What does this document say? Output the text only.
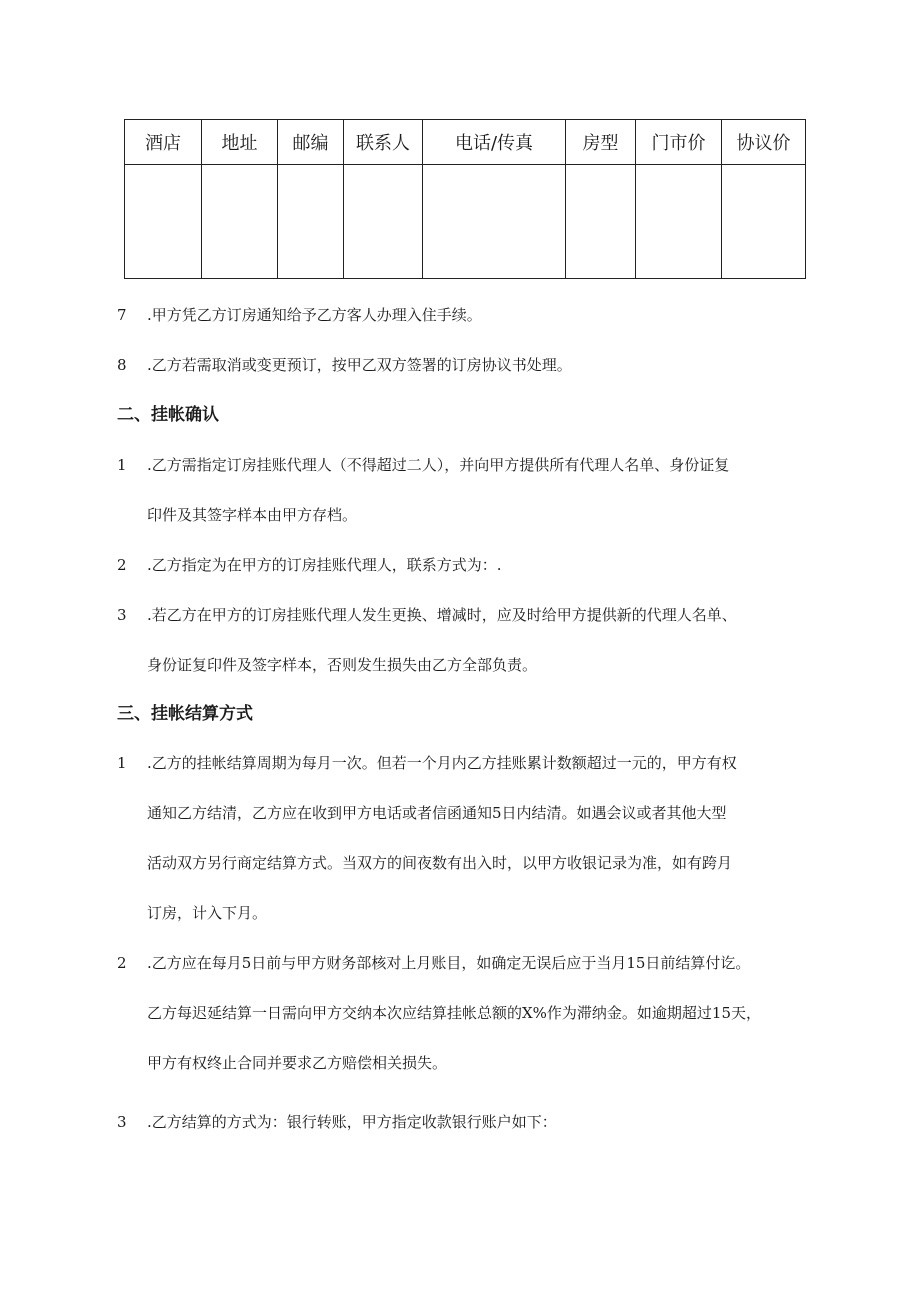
酒店	地址	邮编	联系人	电话/传真	房型	门市价	协议价

7 .甲方凭乙方订房通知给予乙方客人办理入住手续。
8 .乙方若需取消或变更预订，按甲乙双方签署的订房协议书处理。
二、挂帐确认
1 .乙方需指定订房挂账代理人（不得超过二人），并向甲方提供所有代理人名单、身份证复
印件及其签字样本由甲方存档。
2 .乙方指定为在甲方的订房挂账代理人，联系方式为：.
3 .若乙方在甲方的订房挂账代理人发生更换、增减时，应及时给甲方提供新的代理人名单、
身份证复印件及签字样本，否则发生损失由乙方全部负责。
三、挂帐结算方式
1 .乙方的挂帐结算周期为每月一次。但若一个月内乙方挂账累计数额超过一元的，甲方有权
通知乙方结清，乙方应在收到甲方电话或者信函通知5日内结清。如遇会议或者其他大型
活动双方另行商定结算方式。当双方的间夜数有出入时，以甲方收银记录为准，如有跨月
订房，计入下月。
2 .乙方应在每月5日前与甲方财务部核对上月账目，如确定无误后应于当月15日前结算付讫。
乙方每迟延结算一日需向甲方交纳本次应结算挂帐总额的X%作为滞纳金。如逾期超过15天，
甲方有权终止合同并要求乙方赔偿相关损失。
3 .乙方结算的方式为：银行转账，甲方指定收款银行账户如下：
